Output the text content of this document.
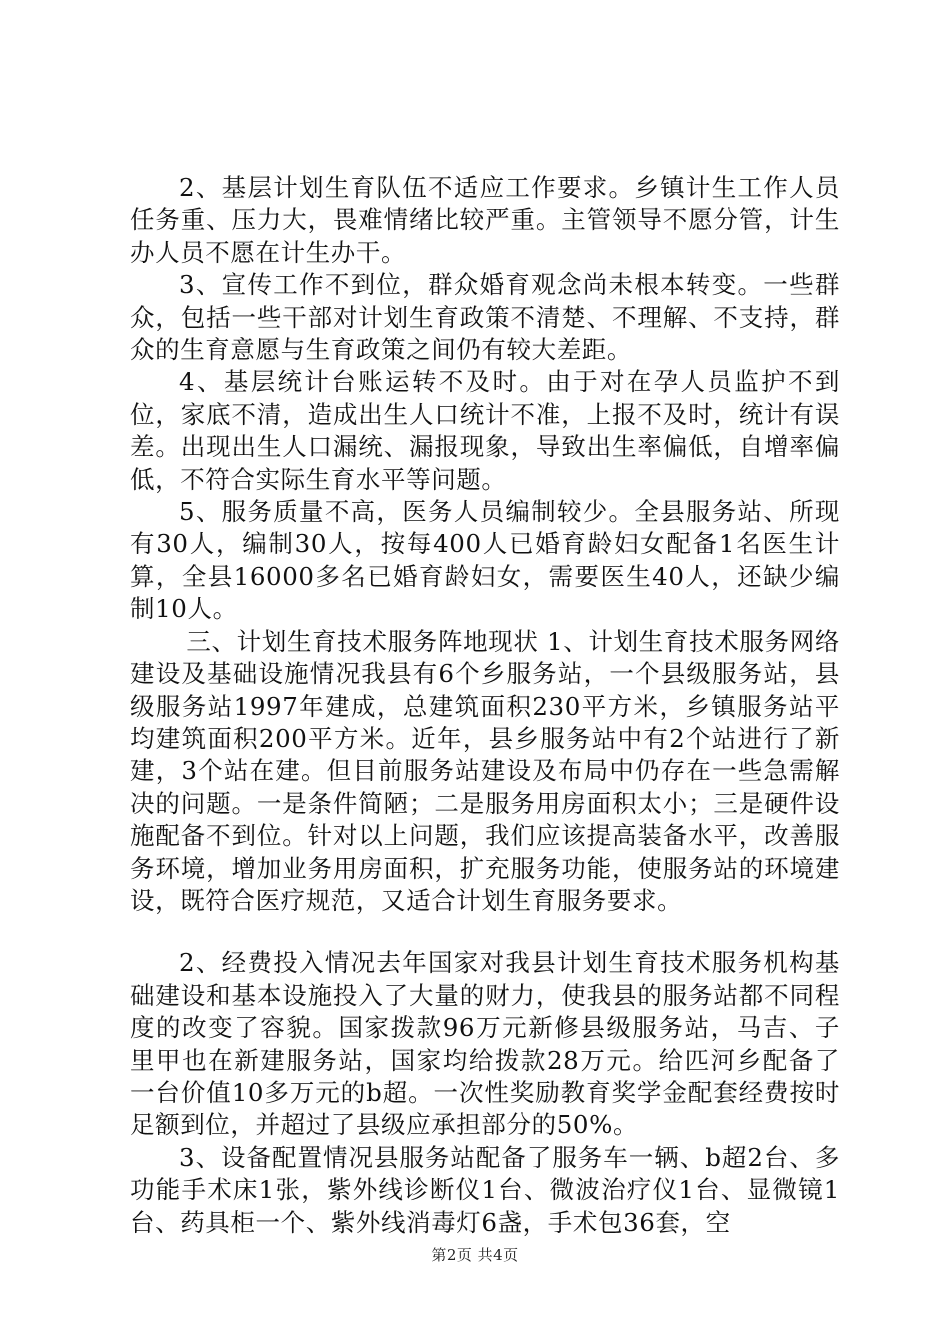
2、基层计划生育队伍不适应工作要求。乡镇计生工作人员任务重、压力大，畏难情绪比较严重。主管领导不愿分管，计生办人员不愿在计生办干。

3、宣传工作不到位，群众婚育观念尚未根本转变。一些群众，包括一些干部对计划生育政策不清楚、不理解、不支持，群众的生育意愿与生育政策之间仍有较大差距。

4、基层统计台账运转不及时。由于对在孕人员监护不到位，家底不清，造成出生人口统计不准，上报不及时，统计有误差。出现出生人口漏统、漏报现象，导致出生率偏低，自增率偏低，不符合实际生育水平等问题。

5、服务质量不高，医务人员编制较少。全县服务站、所现有30人，编制30人，按每400人已婚育龄妇女配备1名医生计算，全县16000多名已婚育龄妇女，需要医生40人，还缺少编制10人。

三、计划生育技术服务阵地现状 1、计划生育技术服务网络建设及基础设施情况我县有6个乡服务站，一个县级服务站，县级服务站1997年建成，总建筑面积230平方米，乡镇服务站平均建筑面积200平方米。近年，县乡服务站中有2个站进行了新建，3个站在建。但目前服务站建设及布局中仍存在一些急需解决的问题。一是条件简陋；二是服务用房面积太小；三是硬件设施配备不到位。针对以上问题，我们应该提高装备水平，改善服务环境，增加业务用房面积，扩充服务功能，使服务站的环境建设，既符合医疗规范，又适合计划生育服务要求。

2、经费投入情况去年国家对我县计划生育技术服务机构基础建设和基本设施投入了大量的财力，使我县的服务站都不同程度的改变了容貌。国家拨款96万元新修县级服务站，马吉、子里甲也在新建服务站，国家均给拨款28万元。给匹河乡配备了一台价值10多万元的b超。一次性奖励教育奖学金配套经费按时足额到位，并超过了县级应承担部分的50%。

3、设备配置情况县服务站配备了服务车一辆、b超2台、多功能手术床1张，紫外线诊断仪1台、微波治疗仪1台、显微镜1台、药具柜一个、紫外线消毒灯6盏，手术包36套，空

第2页 共4页
